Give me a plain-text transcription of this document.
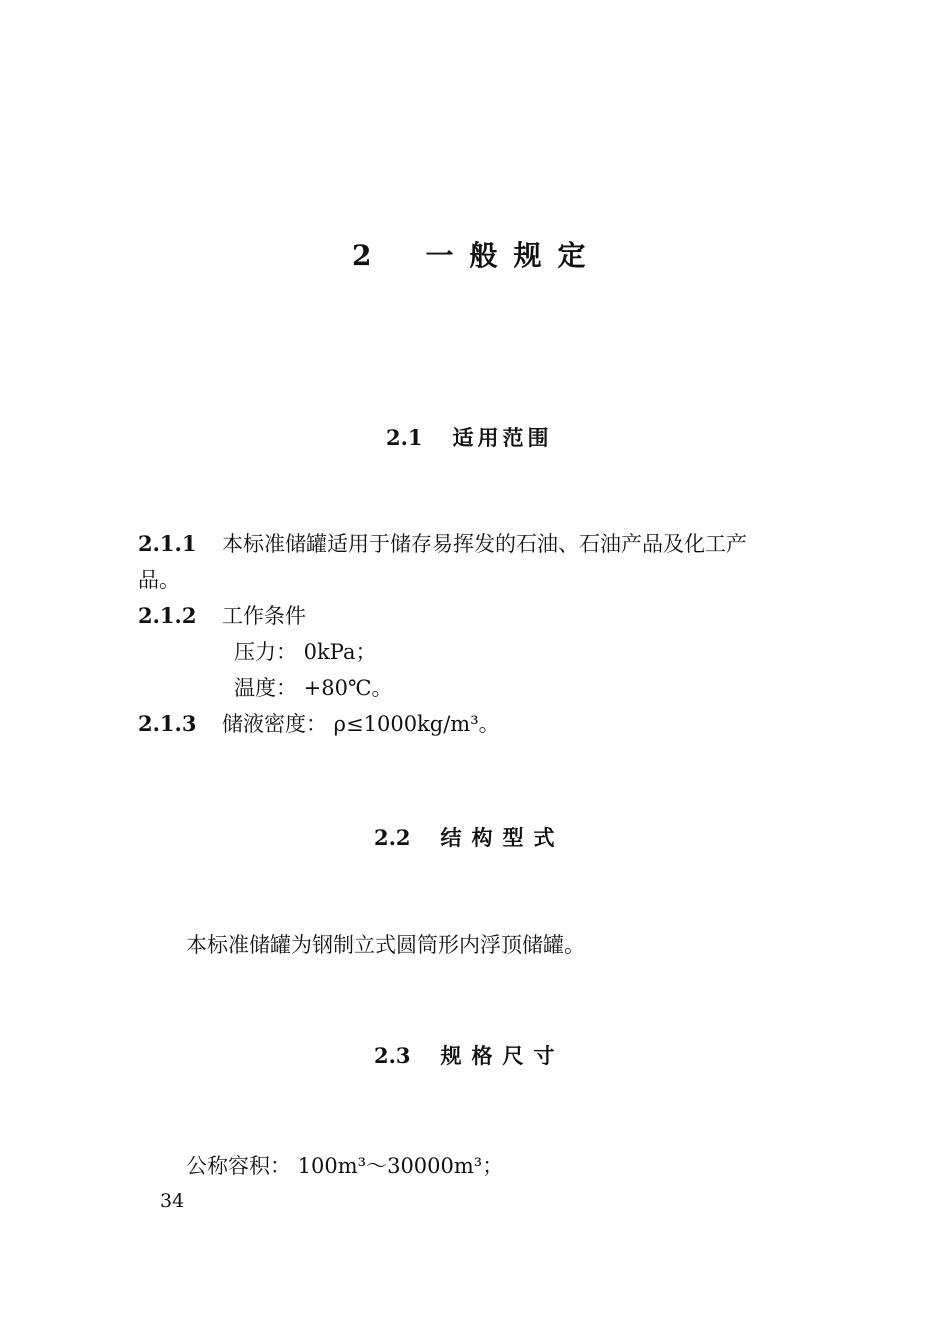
2 一般规定
2.1 适用范围
2.1.1 本标准储罐适用于储存易挥发的石油、石油产品及化工产
品。
2.1.2 工作条件
压力： 0kPa；
温度： +80℃。
2.1.3 储液密度： ρ≤1000kg/m³。
2.2 结构型式
本标准储罐为钢制立式圆筒形内浮顶储罐。
2.3 规格尺寸
公称容积： 100m³～30000m³；
34
